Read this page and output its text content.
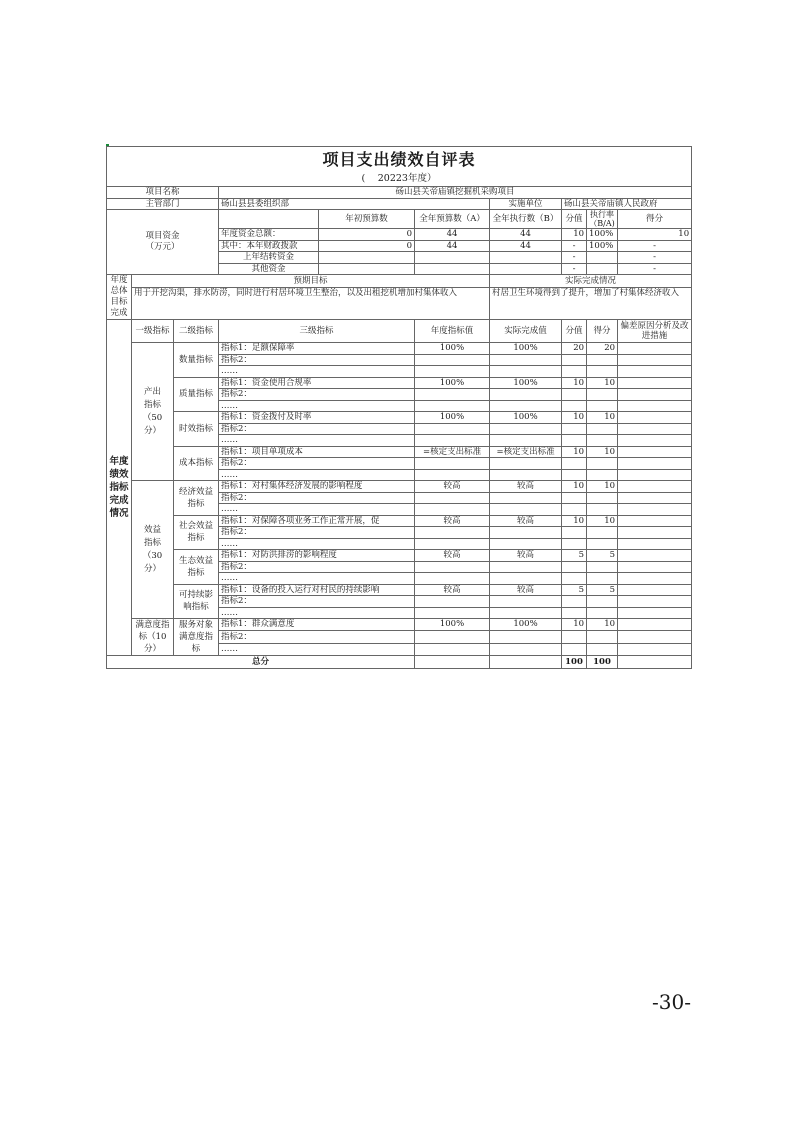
项目支出绩效自评表
(　 20223年度）
项目名称			砀山县关帝庙镇挖掘机采购项目						
主管部门			砀山县县委组织部			实施单位	砀山县关帝庙镇人民政府		
项目资金
（万元）				年初预算数	全年预算数（A）	全年执行数（B）	分值	执行率（B/A)	得分
			年度资金总额：	0	44	44	10	100%	10
			其中：本年财政拨款	0	44	44	-	100%	-
			上年结转资金				-		-
			其他资金				-		-
年度总体目标完成	预期目标					实际完成情况			
	用于开挖沟渠，排水防涝，同时进行村居环境卫生整治，以及出租挖机增加村集体收入					村居卫生环境得到了提升，增加了村集体经济收入			
年度绩效指标完成情况	一级指标	二级指标	三级指标		年度指标值	实际完成值	分值	得分	偏差原因分析及改进措施
	产出指标（50分）	数量指标	指标1：足额保障率		100%	100%	20	20	
			指标2：						
			……						
		质量指标	指标1：资金使用合规率		100%	100%	10	10	
			指标2：						
			……						
		时效指标	指标1：资金拨付及时率		100%	100%	10	10	
			指标2：						
			……						
		成本指标	指标1：项目单项成本		=核定支出标准	=核定支出标准	10	10	
			指标2：						
			……						
	效益指标（30分）	经济效益指标	指标1：对村集体经济发展的影响程度		较高	较高	10	10	
			指标2：						
			……						
		社会效益指标	指标1：对保障各项业务工作正常开展，促		较高	较高	10	10	
			指标2：						
			……						
		生态效益指标	指标1：对防洪排涝的影响程度		较高	较高	5	5	
			指标2：						
			……						
		可持续影响指标	指标1：设备的投入运行对村民的持续影响		较高	较高	5	5	
			指标2：						
			……						
	满意度指标（10分）	服务对象满意度指标	指标1：群众满意度		100%	100%	10	10	
			指标2：						
			……						
总分							100	100	
-30-
